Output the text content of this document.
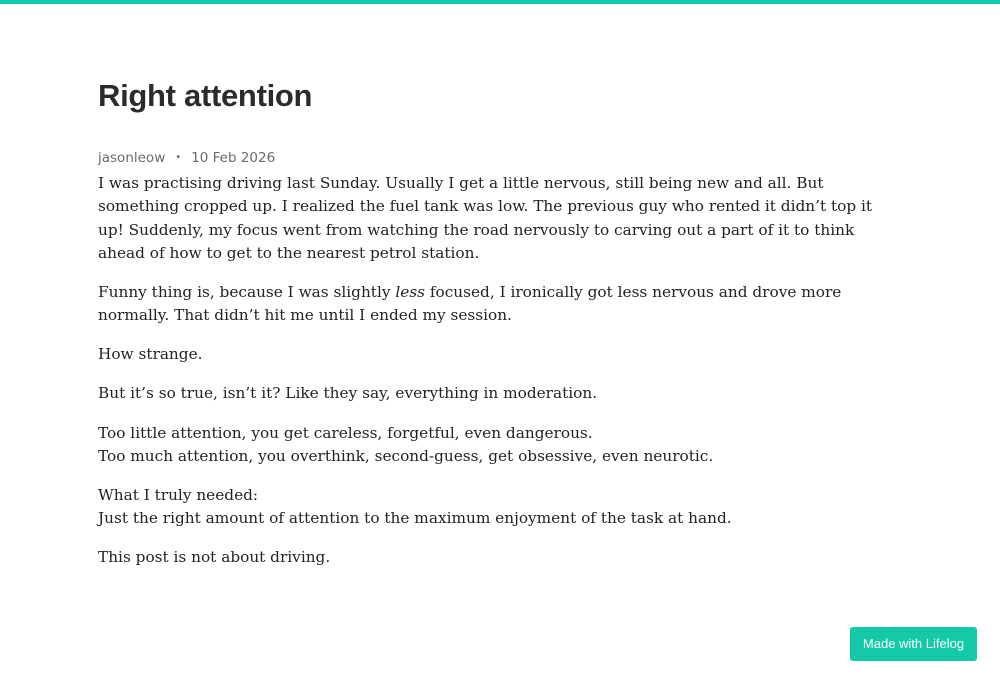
Right attention
jasonleow • 10 Feb 2026

I was practising driving last Sunday. Usually I get a little nervous, still being new and all. But something cropped up. I realized the fuel tank was low. The previous guy who rented it didn’t top it up! Suddenly, my focus went from watching the road nervously to carving out a part of it to think ahead of how to get to the nearest petrol station.

Funny thing is, because I was slightly less focused, I ironically got less nervous and drove more normally. That didn’t hit me until I ended my session.

How strange.

But it’s so true, isn’t it? Like they say, everything in moderation.

Too little attention, you get careless, forgetful, even dangerous.
Too much attention, you overthink, second-guess, get obsessive, even neurotic.

What I truly needed:
Just the right amount of attention to the maximum enjoyment of the task at hand.

This post is not about driving.

Made with Lifelog
